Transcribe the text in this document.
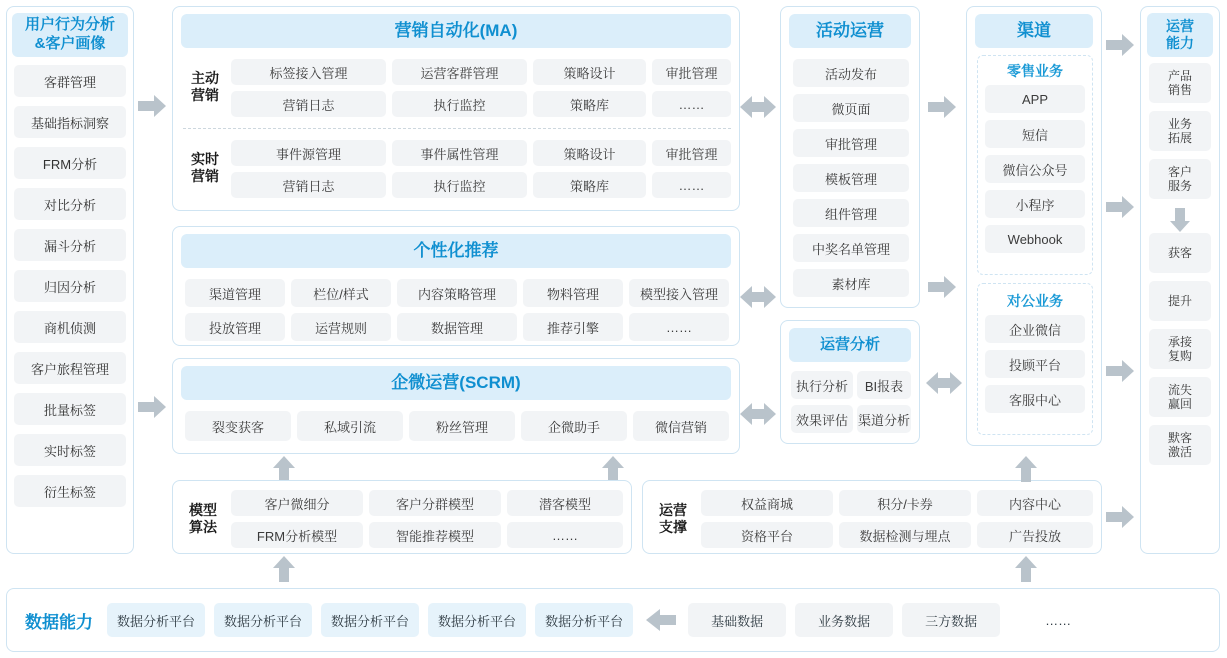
用户行为分析
&客户画像
客群管理
基础指标洞察
FRM分析
对比分析
漏斗分析
归因分析
商机侦测
客户旅程管理
批量标签
实时标签
衍生标签
营销自动化(MA)
主动
营销
标签接入管理	运营客群管理	策略设计	审批管理
营销日志	执行监控	策略库	……
实时
营销
事件源管理	事件属性管理	策略设计	审批管理
营销日志	执行监控	策略库	……
个性化推荐
渠道管理	栏位/样式	内容策略管理	物料管理	模型接入管理
投放管理	运营规则	数据管理	推荐引擎	……
企微运营(SCRM)
裂变获客	私域引流	粉丝管理	企微助手	微信营销
模型
算法
客户微细分	客户分群模型	潜客模型
FRM分析模型	智能推荐模型	……
运营
支撑
权益商城	积分/卡券	内容中心
资格平台	数据检测与埋点	广告投放
活动运营
活动发布
微页面
审批管理
模板管理
组件管理
中奖名单管理
素材库
运营分析
执行分析 BI报表
效果评估 渠道分析
渠道
零售业务
APP
短信
微信公众号
小程序
Webhook
对公业务
企业微信
投顾平台
客服中心
运营
能力
产品
销售
业务
拓展
客户
服务
获客
提升
承接
复购
流失
赢回
默客
激活
数据能力 数据分析平台 数据分析平台 数据分析平台 数据分析平台 数据分析平台	基础数据	业务数据	三方数据	……
